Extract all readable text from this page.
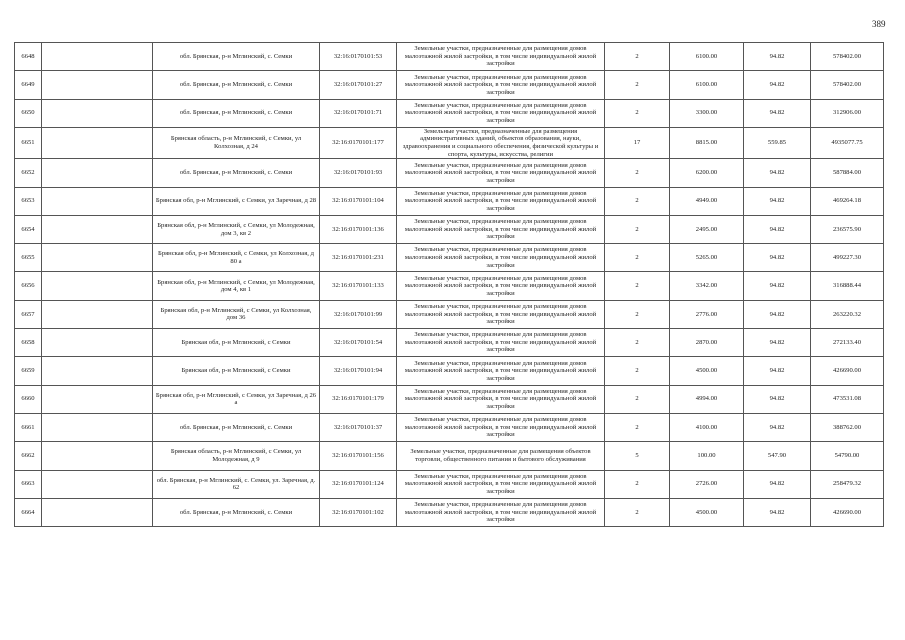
389
6648		обл. Брянская, р-н Мглинский, с. Семки	32:16:0170101:53	Земельные участки, предназначенные для размещения домов малоэтажной жилой застройки, в том числе индивидуальной жилой застройки	2	6100.00	94.82	578402.00
6649		обл. Брянская, р-н Мглинский, с. Семки	32:16:0170101:27	Земельные участки, предназначенные для размещения домов малоэтажной жилой застройки, в том числе индивидуальной жилой застройки	2	6100.00	94.82	578402.00
6650		обл. Брянская, р-н Мглинский, с. Семки	32:16:0170101:71	Земельные участки, предназначенные для размещения домов малоэтажной жилой застройки, в том числе индивидуальной жилой застройки	2	3300.00	94.82	312906.00
6651		Брянская область, р-н Мглинский, с Семки, ул Колхозная, д 24	32:16:0170101:177	Земельные участки, предназначенные для размещения административных зданий, объектов образования, науки, здравоохранения и социального обеспечения, физической культуры и спорта, культуры, искусства, религии	17	8815.00	559.85	4935077.75
6652		обл. Брянская, р-н Мглинский, с. Семки	32:16:0170101:93	Земельные участки, предназначенные для размещения домов малоэтажной жилой застройки, в том числе индивидуальной жилой застройки	2	6200.00	94.82	587884.00
6653		Брянская обл, р-н Мглинский, с Семки, ул Заречная, д 28	32:16:0170101:104	Земельные участки, предназначенные для размещения домов малоэтажной жилой застройки, в том числе индивидуальной жилой застройки	2	4949.00	94.82	469264.18
6654		Брянская обл, р-н Мглинский, с Семки, ул Молодежная, дом 3, кв 2	32:16:0170101:136	Земельные участки, предназначенные для размещения домов малоэтажной жилой застройки, в том числе индивидуальной жилой застройки	2	2495.00	94.82	236575.90
6655		Брянская обл, р-н Мглинский, с Семки, ул Колхозная, д 80 а	32:16:0170101:231	Земельные участки, предназначенные для размещения домов малоэтажной жилой застройки, в том числе индивидуальной жилой застройки	2	5265.00	94.82	499227.30
6656		Брянская обл, р-н Мглинский, с Семки, ул Молодежная, дом 4, кв 1	32:16:0170101:133	Земельные участки, предназначенные для размещения домов малоэтажной жилой застройки, в том числе индивидуальной жилой застройки	2	3342.00	94.82	316888.44
6657		Брянская обл, р-н Мглинский, с Семки, ул Колхозная, дом 36	32:16:0170101:99	Земельные участки, предназначенные для размещения домов малоэтажной жилой застройки, в том числе индивидуальной жилой застройки	2	2776.00	94.82	263220.32
6658		Брянская обл, р-н Мглинский, с Семки	32:16:0170101:54	Земельные участки, предназначенные для размещения домов малоэтажной жилой застройки, в том числе индивидуальной жилой застройки	2	2870.00	94.82	272133.40
6659		Брянская обл, р-н Мглинский, с Семки	32:16:0170101:94	Земельные участки, предназначенные для размещения домов малоэтажной жилой застройки, в том числе индивидуальной жилой застройки	2	4500.00	94.82	426690.00
6660		Брянская обл, р-н Мглинский, с Семки, ул Заречная, д 26 а	32:16:0170101:179	Земельные участки, предназначенные для размещения домов малоэтажной жилой застройки, в том числе индивидуальной жилой застройки	2	4994.00	94.82	473531.08
6661		обл. Брянская, р-н Мглинский, с. Семки	32:16:0170101:37	Земельные участки, предназначенные для размещения домов малоэтажной жилой застройки, в том числе индивидуальной жилой застройки	2	4100.00	94.82	388762.00
6662		Брянская область, р-н Мглинский, с Семки, ул Молодежная, д 9	32:16:0170101:156	Земельные участки, предназначенные для размещения объектов торговли, общественного питания и бытового обслуживания	5	100.00	547.90	54790.00
6663		обл. Брянская, р-н Мглинский, с. Семки, ул. Заречная, д. 62	32:16:0170101:124	Земельные участки, предназначенные для размещения домов малоэтажной жилой застройки, в том числе индивидуальной жилой застройки	2	2726.00	94.82	258479.32
6664		обл. Брянская, р-н Мглинский, с. Семки	32:16:0170101:102	Земельные участки, предназначенные для размещения домов малоэтажной жилой застройки, в том числе индивидуальной жилой застройки	2	4500.00	94.82	426690.00
